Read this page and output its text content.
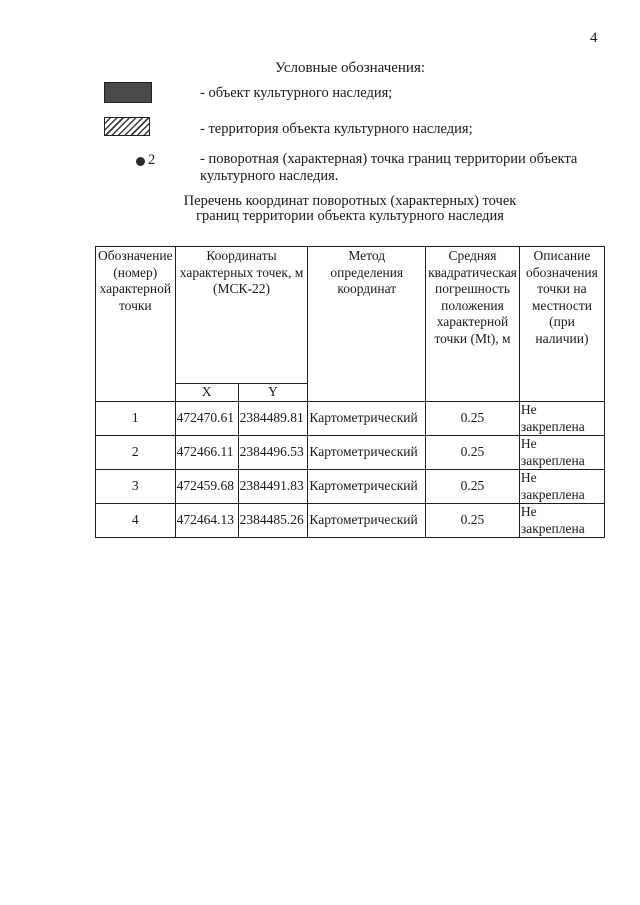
4
Условные обозначения:
- объект культурного наследия;
- территория объекта культурного наследия;
2	- поворотная (характерная) точка границ территории объекта культурного наследия.
Перечень координат поворотных (характерных) точек
границ территории объекта культурного наследия
Обозначение (номер) характерной точки	Координаты характерных точек, м (МСК-22)		Метод определения координат	Средняя квадратическая погрешность положения характерной точки (Mt), м	Описание обозначения точки на местности (при наличии)
	X	Y			
1	472470.61	2384489.81	Картометрический	0.25	Не закреплена
2	472466.11	2384496.53	Картометрический	0.25	Не закреплена
3	472459.68	2384491.83	Картометрический	0.25	Не закреплена
4	472464.13	2384485.26	Картометрический	0.25	Не закреплена
